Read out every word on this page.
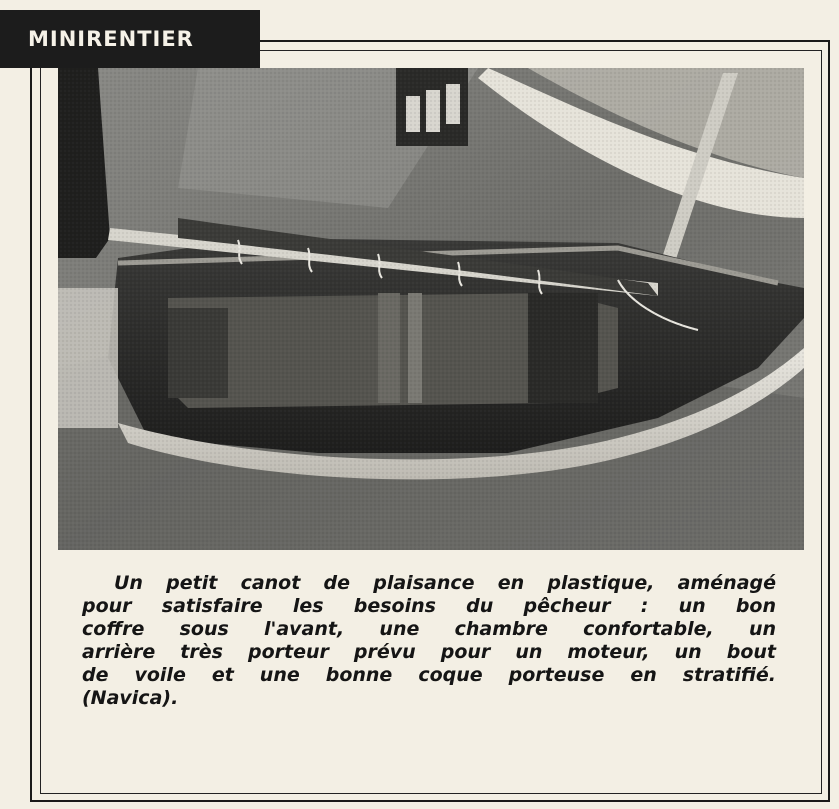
MINIRENTIER
Un petit canot de plaisance en plastique, aménagé
pour satisfaire les besoins du pêcheur : un bon
coffre sous l'avant, une chambre confortable, un
arrière très porteur prévu pour un moteur, un bout
de voile et une bonne coque porteuse en stratifié.
(Navica).
